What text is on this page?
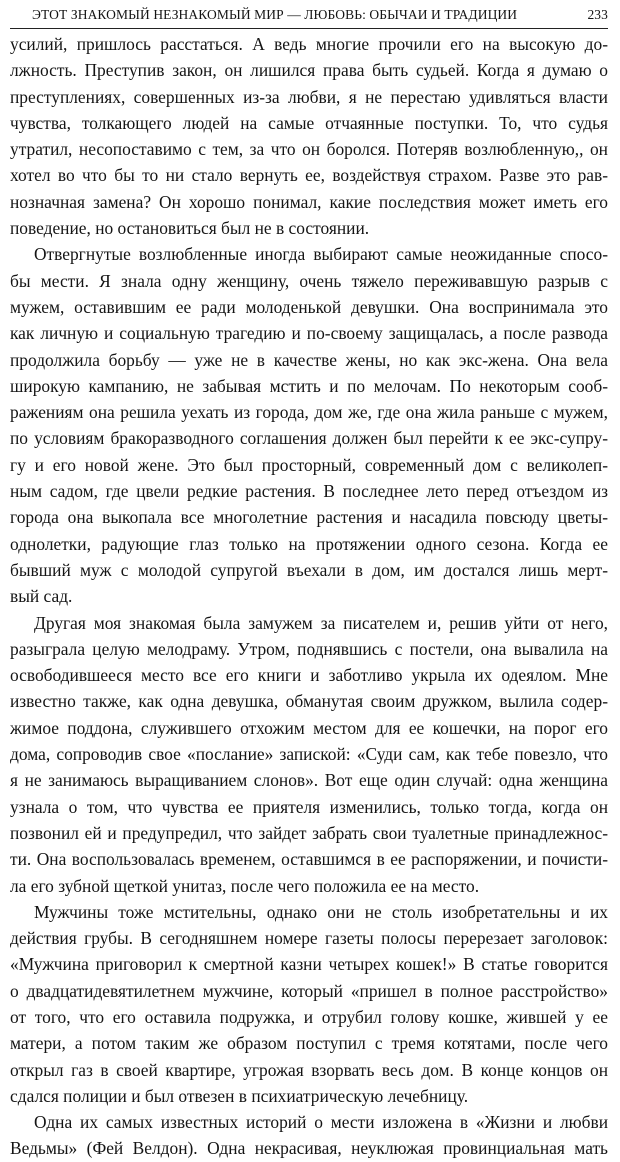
ЭТОТ ЗНАКОМЫЙ НЕЗНАКОМЫЙ МИР — ЛЮБОВЬ: ОБЫЧАИ И ТРАДИЦИИ	233
усилий, пришлось расстаться. А ведь многие прочили его на высокую до-
лжность. Преступив закон, он лишился права быть судьей. Когда я думаю о
преступлениях, совершенных из-за любви, я не перестаю удивляться власти
чувства, толкающего людей на самые отчаянные поступки. То, что судья
утратил, несопоставимо с тем, за что он боролся. Потеряв возлюбленную,, он
хотел во что бы то ни стало вернуть ее, воздействуя страхом. Разве это рав-
нозначная замена? Он хорошо понимал, какие последствия может иметь его
поведение, но остановиться был не в состоянии.
Отвергнутые возлюбленные иногда выбирают самые неожиданные спосо-
бы мести. Я знала одну женщину, очень тяжело переживавшую разрыв с
мужем, оставившим ее ради молоденькой девушки. Она воспринимала это
как личную и социальную трагедию и по-своему защищалась, а после развода
продолжила борьбу — уже не в качестве жены, но как экс-жена. Она вела
широкую кампанию, не забывая мстить и по мелочам. По некоторым сооб-
ражениям она решила уехать из города, дом же, где она жила раньше с мужем,
по условиям бракоразводного соглашения должен был перейти к ее экс-супру-
гу и его новой жене. Это был просторный, современный дом с великолеп-
ным садом, где цвели редкие растения. В последнее лето перед отъездом из
города она выкопала все многолетние растения и насадила повсюду цветы-
однолетки, радующие глаз только на протяжении одного сезона. Когда ее
бывший муж с молодой супругой въехали в дом, им достался лишь мерт-
вый сад.
Другая моя знакомая была замужем за писателем и, решив уйти от него,
разыграла целую мелодраму. Утром, поднявшись с постели, она вывалила на
освободившееся место все его книги и заботливо укрыла их одеялом. Мне
известно также, как одна девушка, обманутая своим дружком, вылила содер-
жимое поддона, служившего отхожим местом для ее кошечки, на порог его
дома, сопроводив свое «послание» запиской: «Суди сам, как тебе повезло, что
я не занимаюсь выращиванием слонов». Вот еще один случай: одна женщина
узнала о том, что чувства ее приятеля изменились, только тогда, когда он
позвонил ей и предупредил, что зайдет забрать свои туалетные принадлежнос-
ти. Она воспользовалась временем, оставшимся в ее распоряжении, и почисти-
ла его зубной щеткой унитаз, после чего положила ее на место.
Мужчины тоже мстительны, однако они не столь изобретательны и их
действия грубы. В сегодняшнем номере газеты полосы перерезает заголовок:
«Мужчина приговорил к смертной казни четырех кошек!» В статье говорится
о двадцатидевятилетнем мужчине, который «пришел в полное расстройство»
от того, что его оставила подружка, и отрубил голову кошке, жившей у ее
матери, а потом таким же образом поступил с тремя котятами, после чего
открыл газ в своей квартире, угрожая взорвать весь дом. В конце концов он
сдался полиции и был отвезен в психиатрическую лечебницу.
Одна их самых известных историй о мести изложена в «Жизни и любви
Ведьмы» (Фей Велдон). Одна некрасивая, неуклюжая провинциальная мать
